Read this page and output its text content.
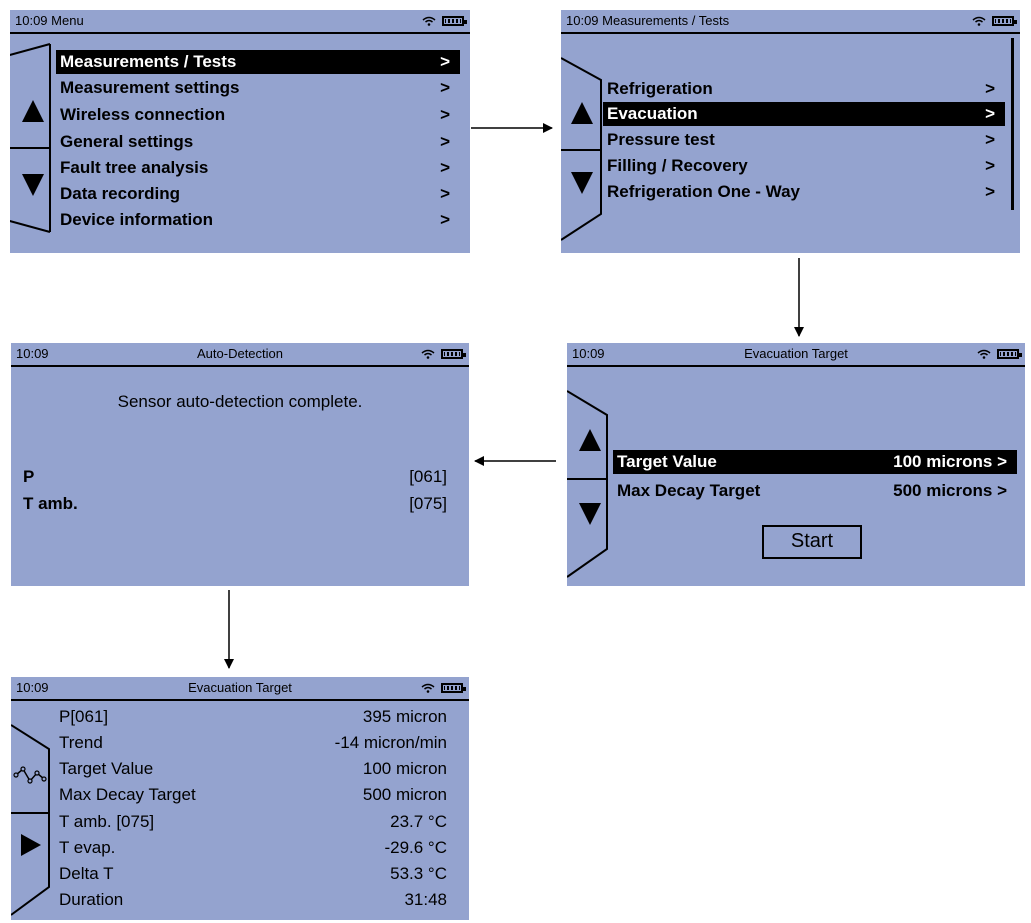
10:09 Menu
Measurements / Tests	>
Measurement settings	>
Wireless connection	>
General settings	>
Fault tree analysis	>
Data recording	>
Device information	>
10:09 Measurements / Tests
Refrigeration	>
Evacuation	>
Pressure test	>
Filling / Recovery	>
Refrigeration One - Way	>
10:09	Evacuation Target
Target Value	100 microns >
Max Decay Target	500 microns >
Start
10:09	Auto-Detection
Sensor auto-detection complete.
P	[061]
T amb.	[075]
10:09	Evacuation Target
P[061]	395 micron
Trend	-14 micron/min
Target Value	100 micron
Max Decay Target	500 micron
T amb. [075]	23.7 °C
T evap.	-29.6 °C
Delta T	53.3 °C
Duration	31:48
